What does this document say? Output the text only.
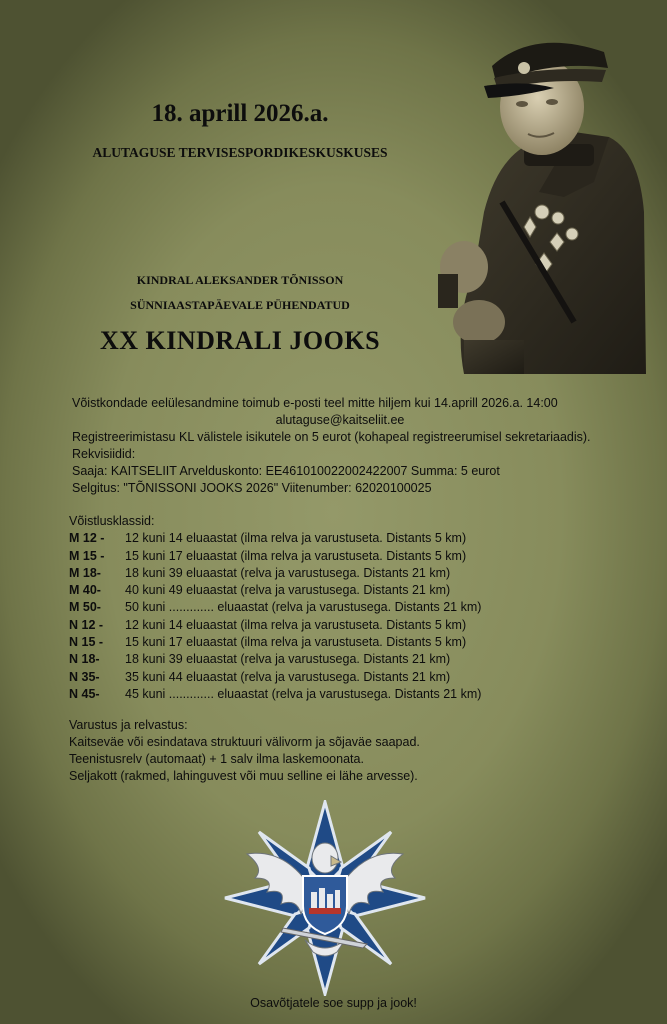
18. aprill 2026.a.
ALUTAGUSE TERVISESPORDIKESKUSKUSES
KINDRAL ALEKSANDER TÕNISSON
SÜNNIAASTAPÄEVALE PÜHENDATUD
XX KINDRALI JOOKS
Võistkondade eelülesandmine toimub e-posti teel mitte hiljem kui 14.aprill 2026.a. 14:00
alutaguse@kaitseliit.ee
Registreerimistasu KL välistele isikutele on 5 eurot (kohapeal registreerumisel sekretariaadis).
Rekvisiidid:
Saaja: KAITSELIIT Arvelduskonto: EE461010022002422007 Summa: 5 eurot
Selgitus: "TÕNISSONI JOOKS 2026" Viitenumber: 62020100025
Võistlusklassid:
M 12 -	12 kuni 14 eluaastat (ilma relva ja varustuseta. Distants 5 km)
M 15 -	15 kuni 17 eluaastat (ilma relva ja varustuseta. Distants 5 km)
M 18-	18 kuni 39 eluaastat (relva ja varustusega. Distants 21 km)
M 40-	40 kuni 49 eluaastat (relva ja varustusega. Distants 21 km)
M 50-	50 kuni ............. eluaastat (relva ja varustusega. Distants 21 km)
N 12 -	12 kuni 14 eluaastat (ilma relva ja varustuseta. Distants 5 km)
N 15 -	15 kuni 17 eluaastat (ilma relva ja varustuseta. Distants 5 km)
N 18-	18 kuni 39 eluaastat (relva ja varustusega. Distants 21 km)
N 35-	35 kuni 44 eluaastat (relva ja varustusega. Distants 21 km)
N 45-	45 kuni ............. eluaastat (relva ja varustusega. Distants 21 km)
Varustus ja relvastus:
Kaitseväe või esindatava struktuuri välivorm ja sõjaväe saapad.
Teenistusrelv (automaat) + 1 salv ilma laskemoonata.
Seljakott (rakmed, lahinguvest või muu selline ei lähe arvesse).
Osavõtjatele soe supp ja jook!
